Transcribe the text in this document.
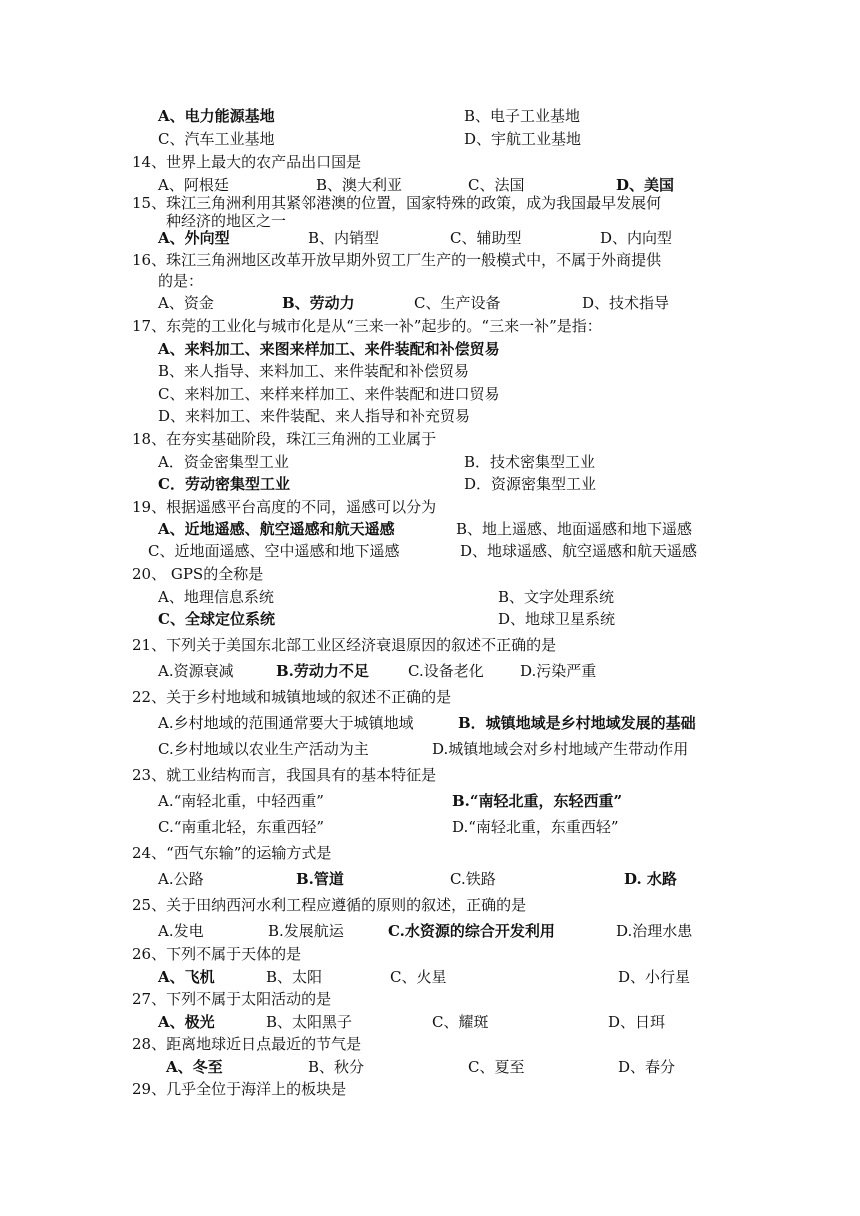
A、电力能源基地	B、电子工业基地
C、汽车工业基地	D、宇航工业基地
14、世界上最大的农产品出口国是
A、阿根廷	B、澳大利亚	C、法国	D、美国
15、珠江三角洲利用其紧邻港澳的位置，国家特殊的政策，成为我国最早发展何
种经济的地区之一
A、外向型	B、内销型	C、辅助型	D、内向型
16、珠江三角洲地区改革开放早期外贸工厂生产的一般模式中，不属于外商提供
的是：
A、资金	B、劳动力	C、生产设备	D、技术指导
17、东莞的工业化与城市化是从“三来一补”起步的。“三来一补”是指：
A、来料加工、来图来样加工、来件装配和补偿贸易
B、来人指导、来料加工、来件装配和补偿贸易
C、来料加工、来样来样加工、来件装配和进口贸易
D、来料加工、来件装配、来人指导和补充贸易
18、在夯实基础阶段，珠江三角洲的工业属于
A．资金密集型工业	B．技术密集型工业
C．劳动密集型工业	D．资源密集型工业
19、根据遥感平台高度的不同，遥感可以分为
A、近地遥感、航空遥感和航天遥感	B、地上遥感、地面遥感和地下遥感
C、近地面遥感、空中遥感和地下遥感	D、地球遥感、航空遥感和航天遥感
20、 GPS的全称是
A、地理信息系统	B、文字处理系统
C、全球定位系统	D、地球卫星系统
21、下列关于美国东北部工业区经济衰退原因的叙述不正确的是
A.资源衰减	B.劳动力不足	C.设备老化 D.污染严重
22、关于乡村地域和城镇地域的叙述不正确的是
A.乡村地域的范围通常要大于城镇地域	B．城镇地域是乡村地域发展的基础
C.乡村地域以农业生产活动为主	D.城镇地域会对乡村地域产生带动作用
23、就工业结构而言，我国具有的基本特征是
A.“南轻北重，中轻西重”	B.“南轻北重，东轻西重”
C.“南重北轻，东重西轻”	D.“南轻北重，东重西轻”
24、“西气东输”的运输方式是
A.公路	B.管道	C.铁路	D. 水路
25、关于田纳西河水利工程应遵循的原则的叙述，正确的是
A.发电	B.发展航运	C.水资源的综合开发利用	D.治理水患
26、下列不属于天体的是
A、飞机	B、太阳	C、火星	D、小行星
27、下列不属于太阳活动的是
A、极光	B、太阳黑子	C、耀斑	D、日珥
28、距离地球近日点最近的节气是
A、冬至	B、秋分	C、夏至	D、春分
29、几乎全位于海洋上的板块是
